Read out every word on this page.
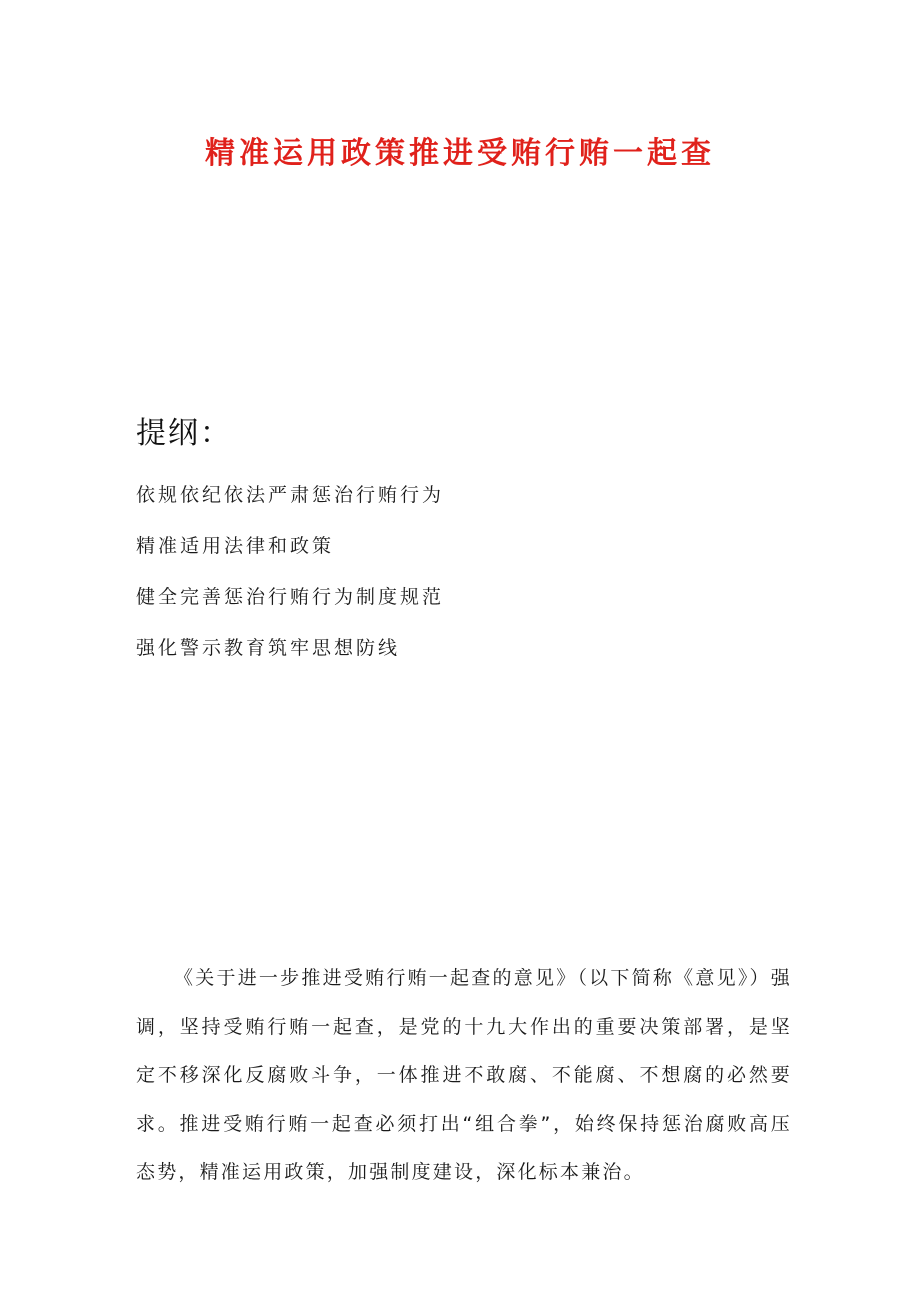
精准运用政策推进受贿行贿一起查
提纲：
依规依纪依法严肃惩治行贿行为
精准适用法律和政策
健全完善惩治行贿行为制度规范
强化警示教育筑牢思想防线

《关于进一步推进受贿行贿一起查的意见》（以下简称《意见》）强调，坚持受贿行贿一起查，是党的十九大作出的重要决策部署，是坚定不移深化反腐败斗争，一体推进不敢腐、不能腐、不想腐的必然要求。推进受贿行贿一起查必须打出“组合拳”，始终保持惩治腐败高压态势，精准运用政策，加强制度建设，深化标本兼治。
